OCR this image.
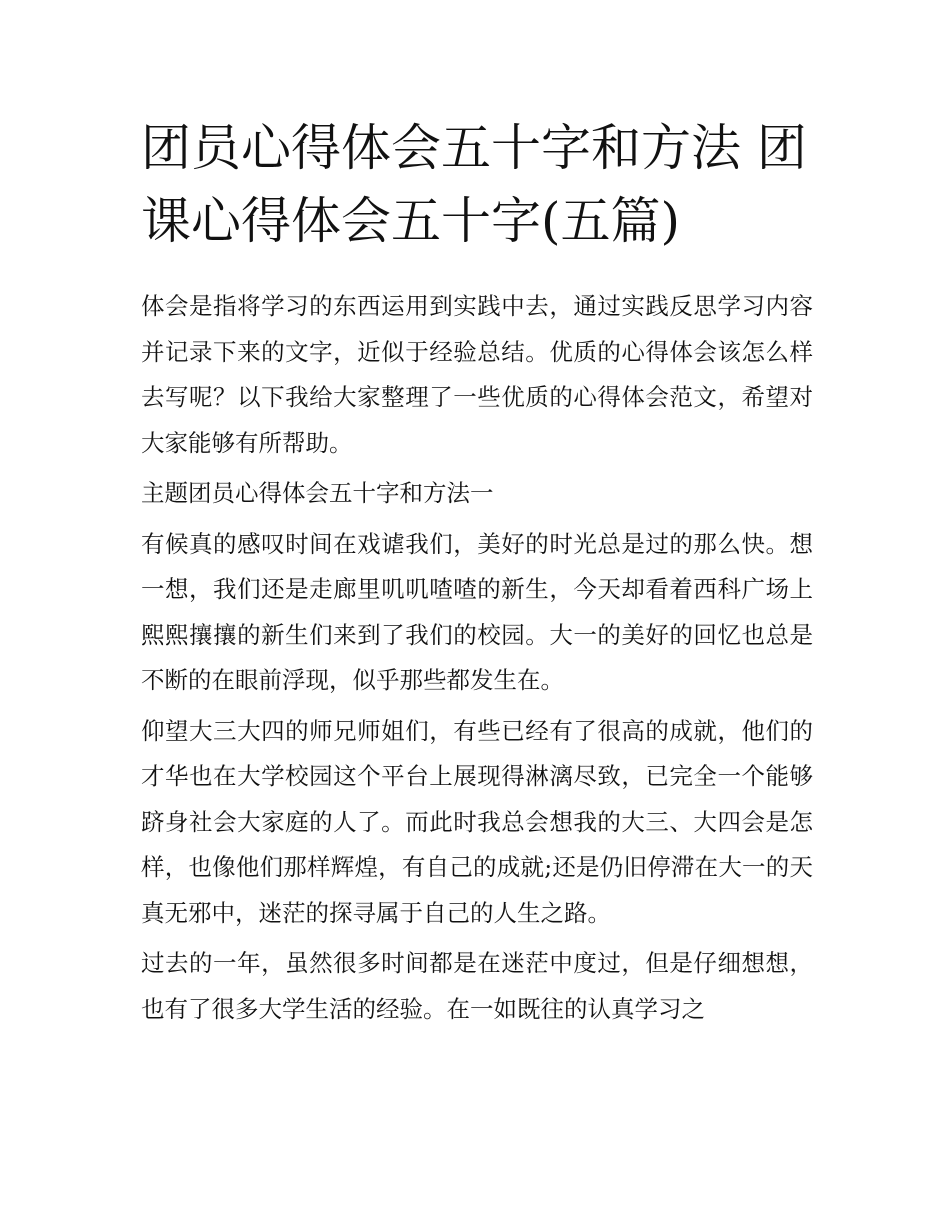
团员心得体会五十字和方法 团课心得体会五十字(五篇)

体会是指将学习的东西运用到实践中去，通过实践反思学习内容并记录下来的文字，近似于经验总结。优质的心得体会该怎么样去写呢？以下我给大家整理了一些优质的心得体会范文，希望对大家能够有所帮助。

主题团员心得体会五十字和方法一

有候真的感叹时间在戏谑我们，美好的时光总是过的那么快。想一想，我们还是走廊里叽叽喳喳的新生，今天却看着西科广场上熙熙攘攘的新生们来到了我们的校园。大一的美好的回忆也总是不断的在眼前浮现，似乎那些都发生在。

仰望大三大四的师兄师姐们，有些已经有了很高的成就，他们的才华也在大学校园这个平台上展现得淋漓尽致，已完全一个能够跻身社会大家庭的人了。而此时我总会想我的大三、大四会是怎样，也像他们那样辉煌，有自己的成就;还是仍旧停滞在大一的天真无邪中，迷茫的探寻属于自己的人生之路。

过去的一年，虽然很多时间都是在迷茫中度过，但是仔细想想，也有了很多大学生活的经验。在一如既往的认真学习之
